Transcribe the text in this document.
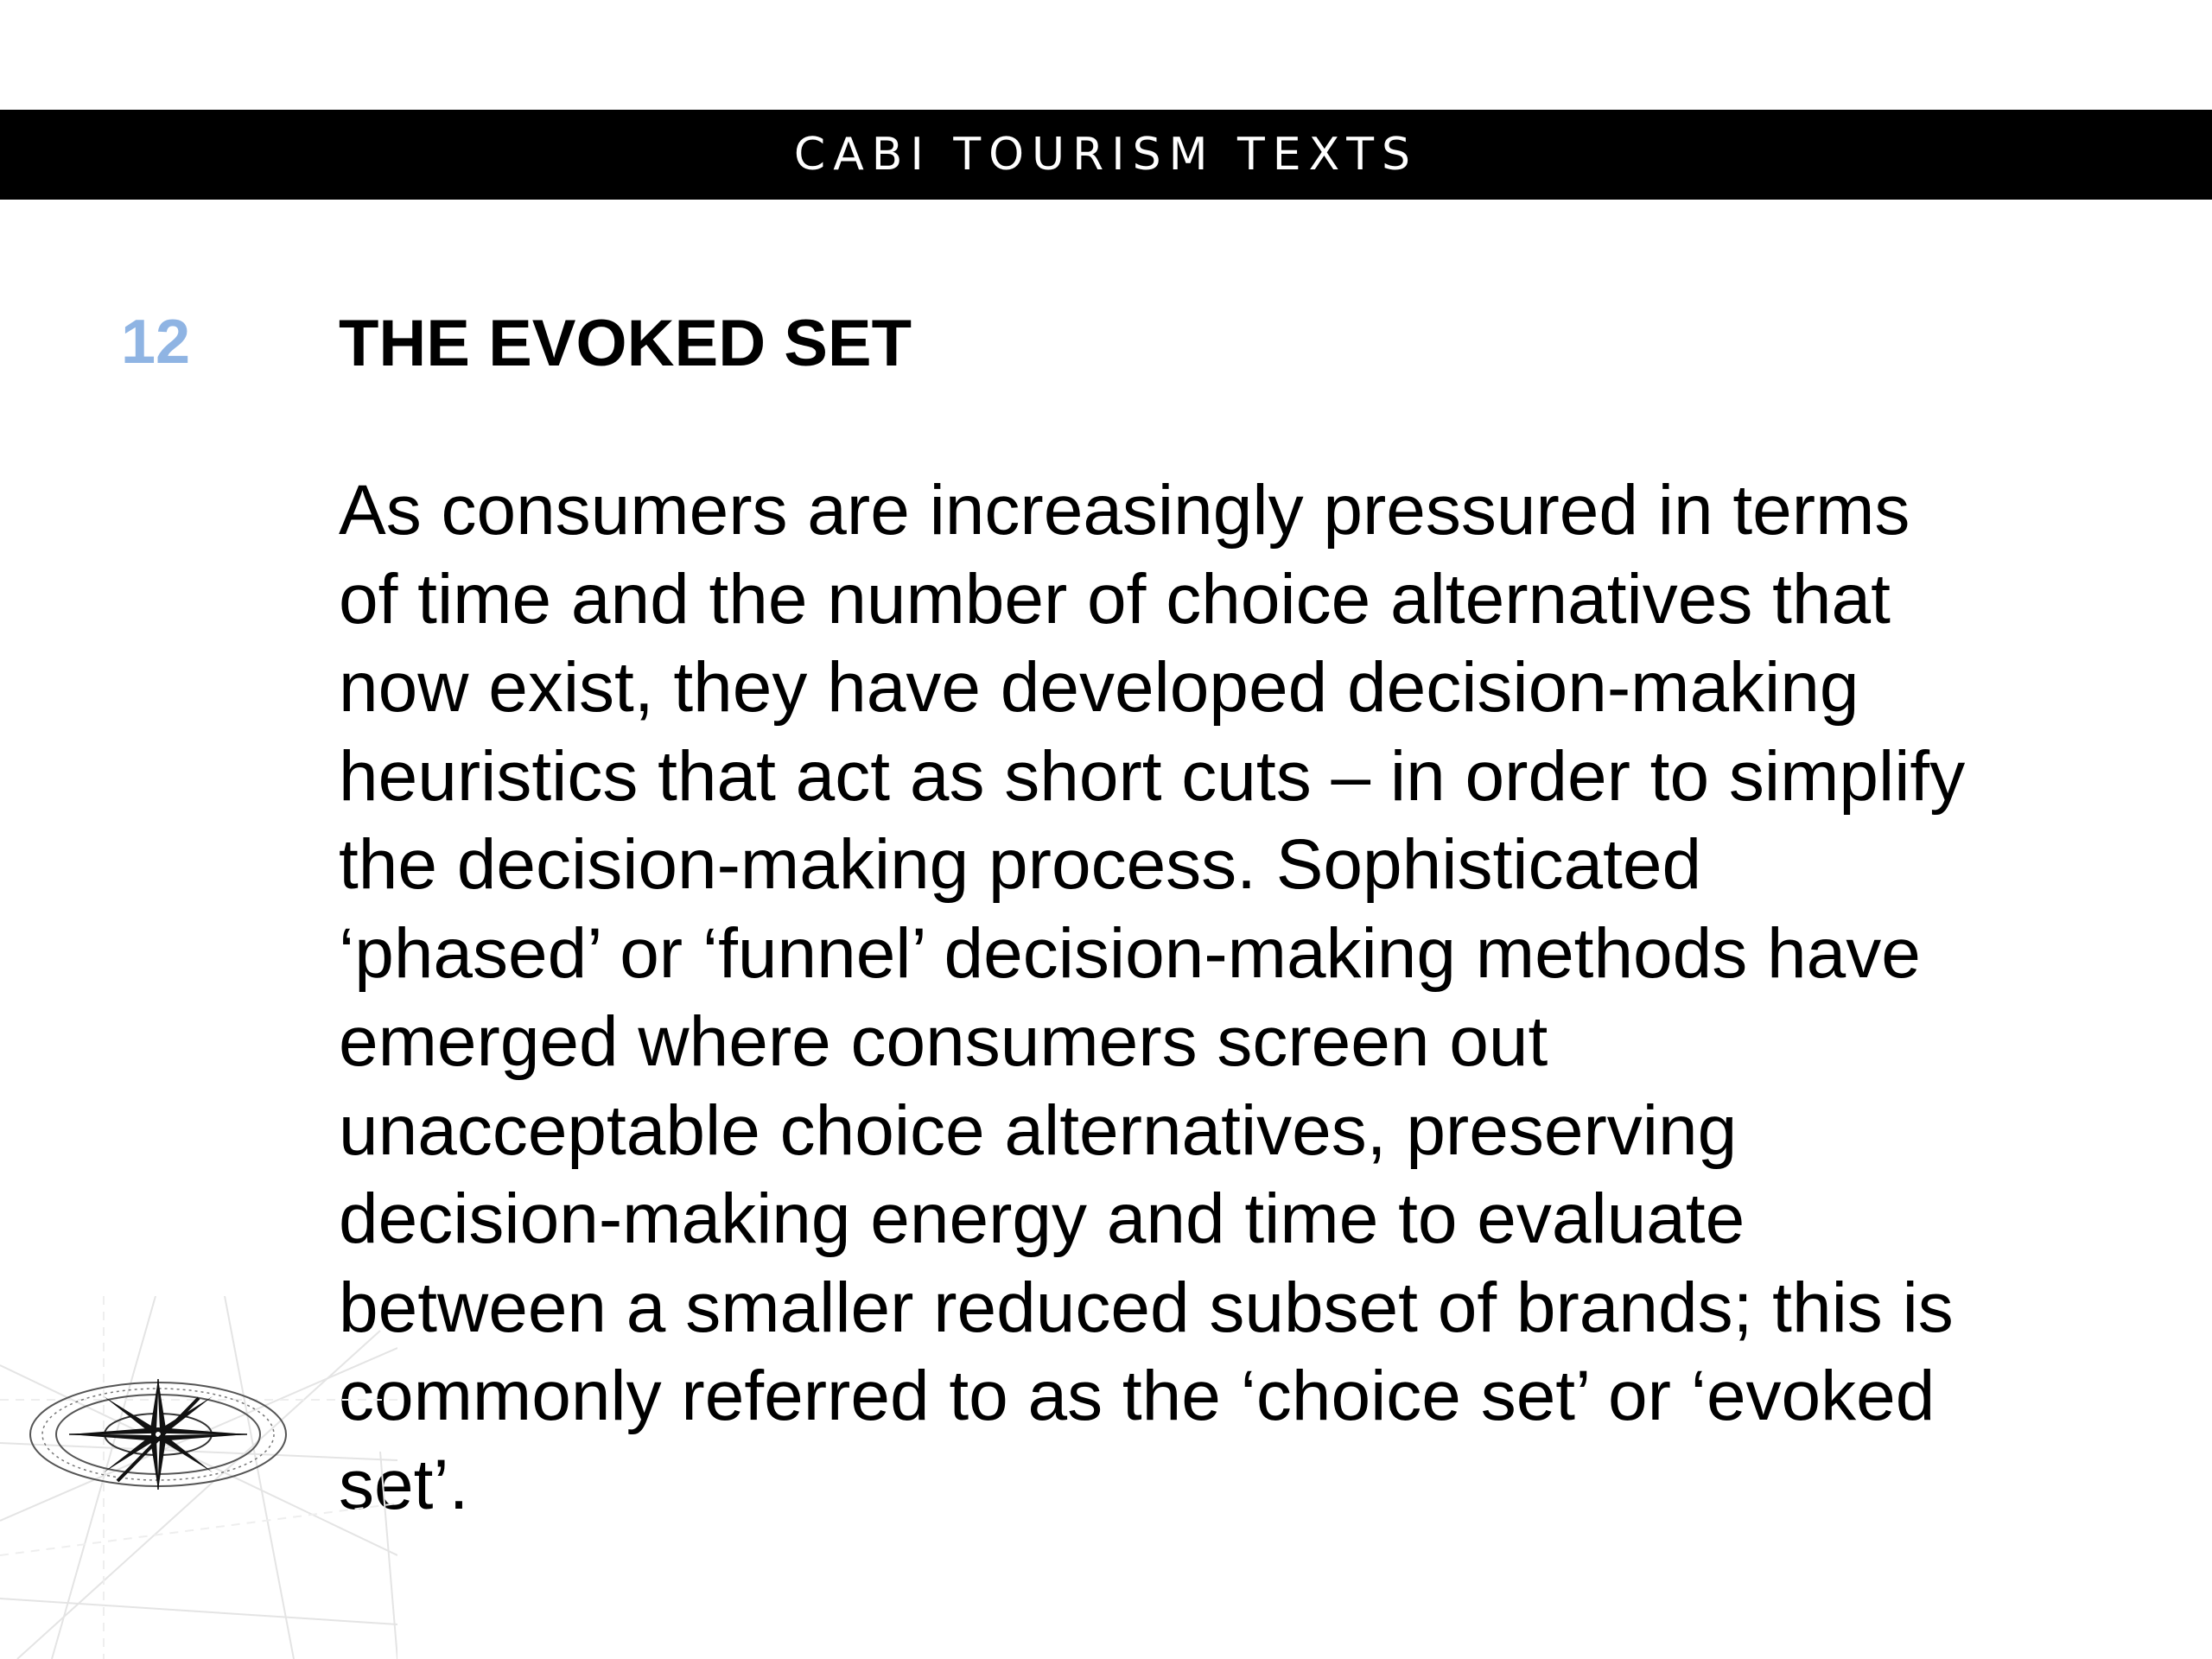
CABI TOURISM TEXTS
12 THE EVOKED SET
As consumers are increasingly pressured in terms
of time and the number of choice alternatives that
now exist, they have developed decision-making
heuristics that act as short cuts – in order to simplify
the decision-making process. Sophisticated
‘phased’ or ‘funnel’ decision-making methods have
emerged where consumers screen out
unacceptable choice alternatives, preserving
decision-making energy and time to evaluate
between a smaller reduced subset of brands; this is
commonly referred to as the ‘choice set’ or ‘evoked
set’.
